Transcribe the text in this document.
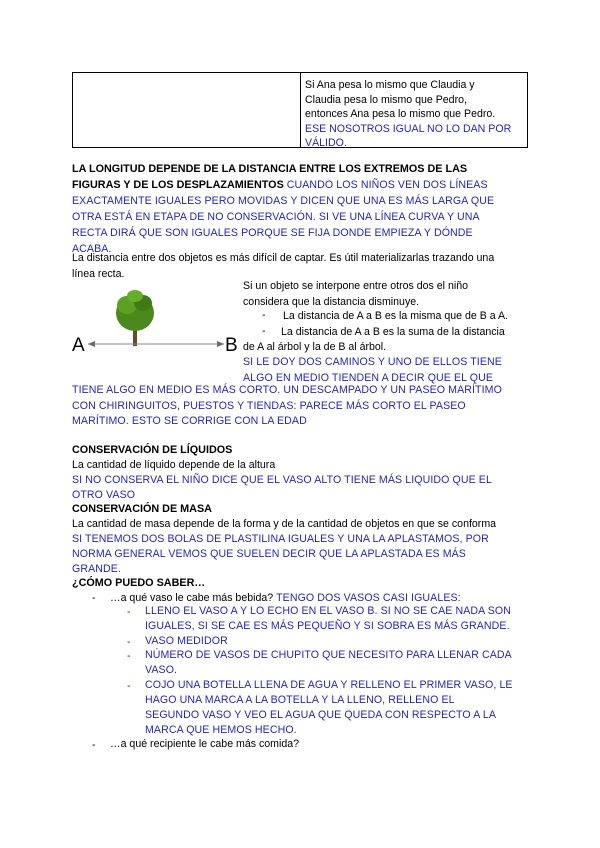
Si Ana pesa lo mismo que Claudia y
Claudia pesa lo mismo que Pedro,
entonces Ana pesa lo mismo que Pedro.
ESE NOSOTROS IGUAL NO LO DAN POR
VÁLIDO.
LA LONGITUD DEPENDE DE LA DISTANCIA ENTRE LOS EXTREMOS DE LAS
FIGURAS Y DE LOS DESPLAZAMIENTOS CUANDO LOS NIÑOS VEN DOS LÍNEAS
EXACTAMENTE IGUALES PERO MOVIDAS Y DICEN QUE UNA ES MÁS LARGA QUE
OTRA ESTÁ EN ETAPA DE NO CONSERVACIÓN. SI VE UNA LÍNEA CURVA Y UNA
RECTA DIRÁ QUE SON IGUALES PORQUE SE FIJA DONDE EMPIEZA Y DÓNDE
ACABA.
La distancia entre dos objetos es más difícil de captar. Es útil materializarlas trazando una
línea recta.
A	B
Si un objeto se interpone entre otros dos el niño
considera que la distancia disminuye.
- La distancia de A a B es la misma que de B a A.
- La distancia de A a B es la suma de la distancia
de A al árbol y la de B al árbol.
SI LE DOY DOS CAMINOS Y UNO DE ELLOS TIENE
ALGO EN MEDIO TIENDEN A DECIR QUE EL QUE
TIENE ALGO EN MEDIO ES MÁS CORTO. UN DESCAMPADO Y UN PASEO MARÍTIMO
CON CHIRINGUITOS, PUESTOS Y TIENDAS: PARECE MÁS CORTO EL PASEO
MARÍTIMO. ESTO SE CORRIGE CON LA EDAD
CONSERVACIÓN DE LÍQUIDOS
La cantidad de líquido depende de la altura
SI NO CONSERVA EL NIÑO DICE QUE EL VASO ALTO TIENE MÁS LIQUIDO QUE EL
OTRO VASO
CONSERVACIÓN DE MASA
La cantidad de masa depende de la forma y de la cantidad de objetos en que se conforma
SI TENEMOS DOS BOLAS DE PLASTILINA IGUALES Y UNA LA APLASTAMOS, POR
NORMA GENERAL VEMOS QUE SUELEN DECIR QUE LA APLASTADA ES MÁS
GRANDE.
¿CÓMO PUEDO SABER…
- …a qué vaso le cabe más bebida? TENGO DOS VASOS CASI IGUALES:
- LLENO EL VASO A Y LO ECHO EN EL VASO B. SI NO SE CAE NADA SON
IGUALES, SI SE CAE ES MÁS PEQUEÑO Y SI SOBRA ES MÁS GRANDE.
- VASO MEDIDOR
- NÚMERO DE VASOS DE CHUPITO QUE NECESITO PARA LLENAR CADA
VASO.
- COJO UNA BOTELLA LLENA DE AGUA Y RELLENO EL PRIMER VASO, LE
HAGO UNA MARCA A LA BOTELLA Y LA LLENO, RELLENO EL
SEGUNDO VASO Y VEO EL AGUA QUE QUEDA CON RESPECTO A LA
MARCA QUE HEMOS HECHO.
- …a qué recipiente le cabe más comida?
